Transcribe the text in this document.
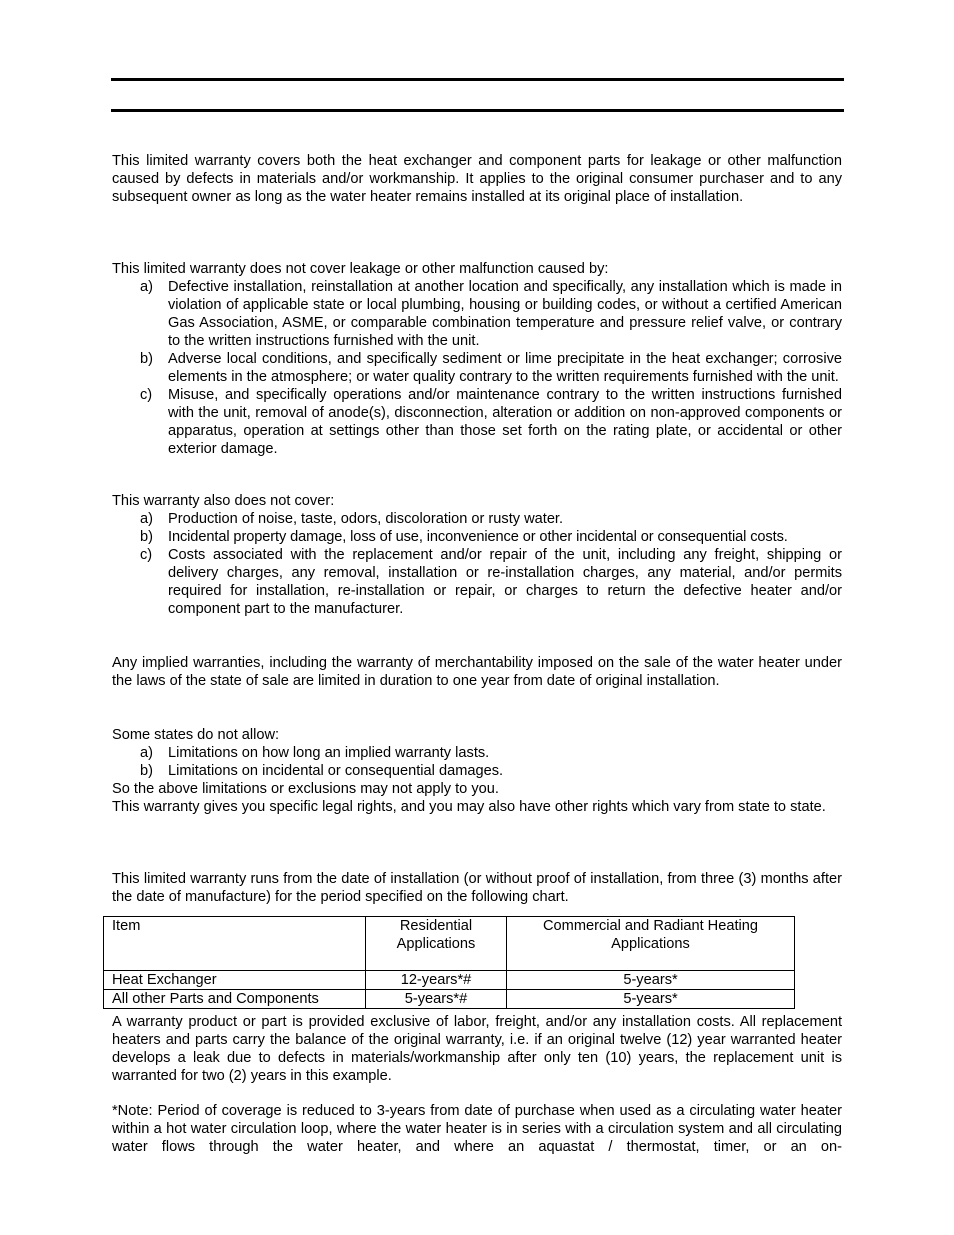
This limited warranty covers both the heat exchanger and component parts for leakage or other malfunction caused by defects in materials and/or workmanship. It applies to the original consumer purchaser and to any subsequent owner as long as the water heater remains installed at its original place of installation.

This limited warranty does not cover leakage or other malfunction caused by:

a)	Defective installation, reinstallation at another location and specifically, any installation which is made in violation of applicable state or local plumbing, housing or building codes, or without a certified American Gas Association, ASME, or comparable combination temperature and pressure relief valve, or contrary to the written instructions furnished with the unit.
b)	Adverse local conditions, and specifically sediment or lime precipitate in the heat exchanger; corrosive elements in the atmosphere; or water quality contrary to the written requirements furnished with the unit.
c)	Misuse, and specifically operations and/or maintenance contrary to the written instructions furnished with the unit, removal of anode(s), disconnection, alteration or addition on non-approved components or apparatus, operation at settings other than those set forth on the rating plate, or accidental or other exterior damage.

This warranty also does not cover:

a)	Production of noise, taste, odors, discoloration or rusty water.
b)	Incidental property damage, loss of use, inconvenience or other incidental or consequential costs.
c)	Costs associated with the replacement and/or repair of the unit, including any freight, shipping or delivery charges, any removal, installation or re-installation charges, any material, and/or permits required for installation, re-installation or repair, or charges to return the defective heater and/or component part to the manufacturer.

Any implied warranties, including the warranty of merchantability imposed on the sale of the water heater under the laws of the state of sale are limited in duration to one year from date of original installation.

Some states do not allow:

a)	Limitations on how long an implied warranty lasts.
b)	Limitations on incidental or consequential damages.

So the above limitations or exclusions may not apply to you.

This warranty gives you specific legal rights, and you may also have other rights which vary from state to state.

This limited warranty runs from the date of installation (or without proof of installation, from three (3) months after the date of manufacture) for the period specified on the following chart.

Item	Residential Applications	Commercial and Radiant Heating Applications
Heat Exchanger	12-years*#	5-years*
All other Parts and Components	5-years*#	5-years*

A warranty product or part is provided exclusive of labor, freight, and/or any installation costs. All replacement heaters and parts carry the balance of the original warranty, i.e. if an original twelve (12) year warranted heater develops a leak due to defects in materials/workmanship after only ten (10) years, the replacement unit is warranted for two (2) years in this example.

*Note: Period of coverage is reduced to 3-years from date of purchase when used as a circulating water heater within a hot water circulation loop, where the water heater is in series with a circulation system and all circulating water flows through the water heater, and where an aquastat / thermostat, timer, or an on-
